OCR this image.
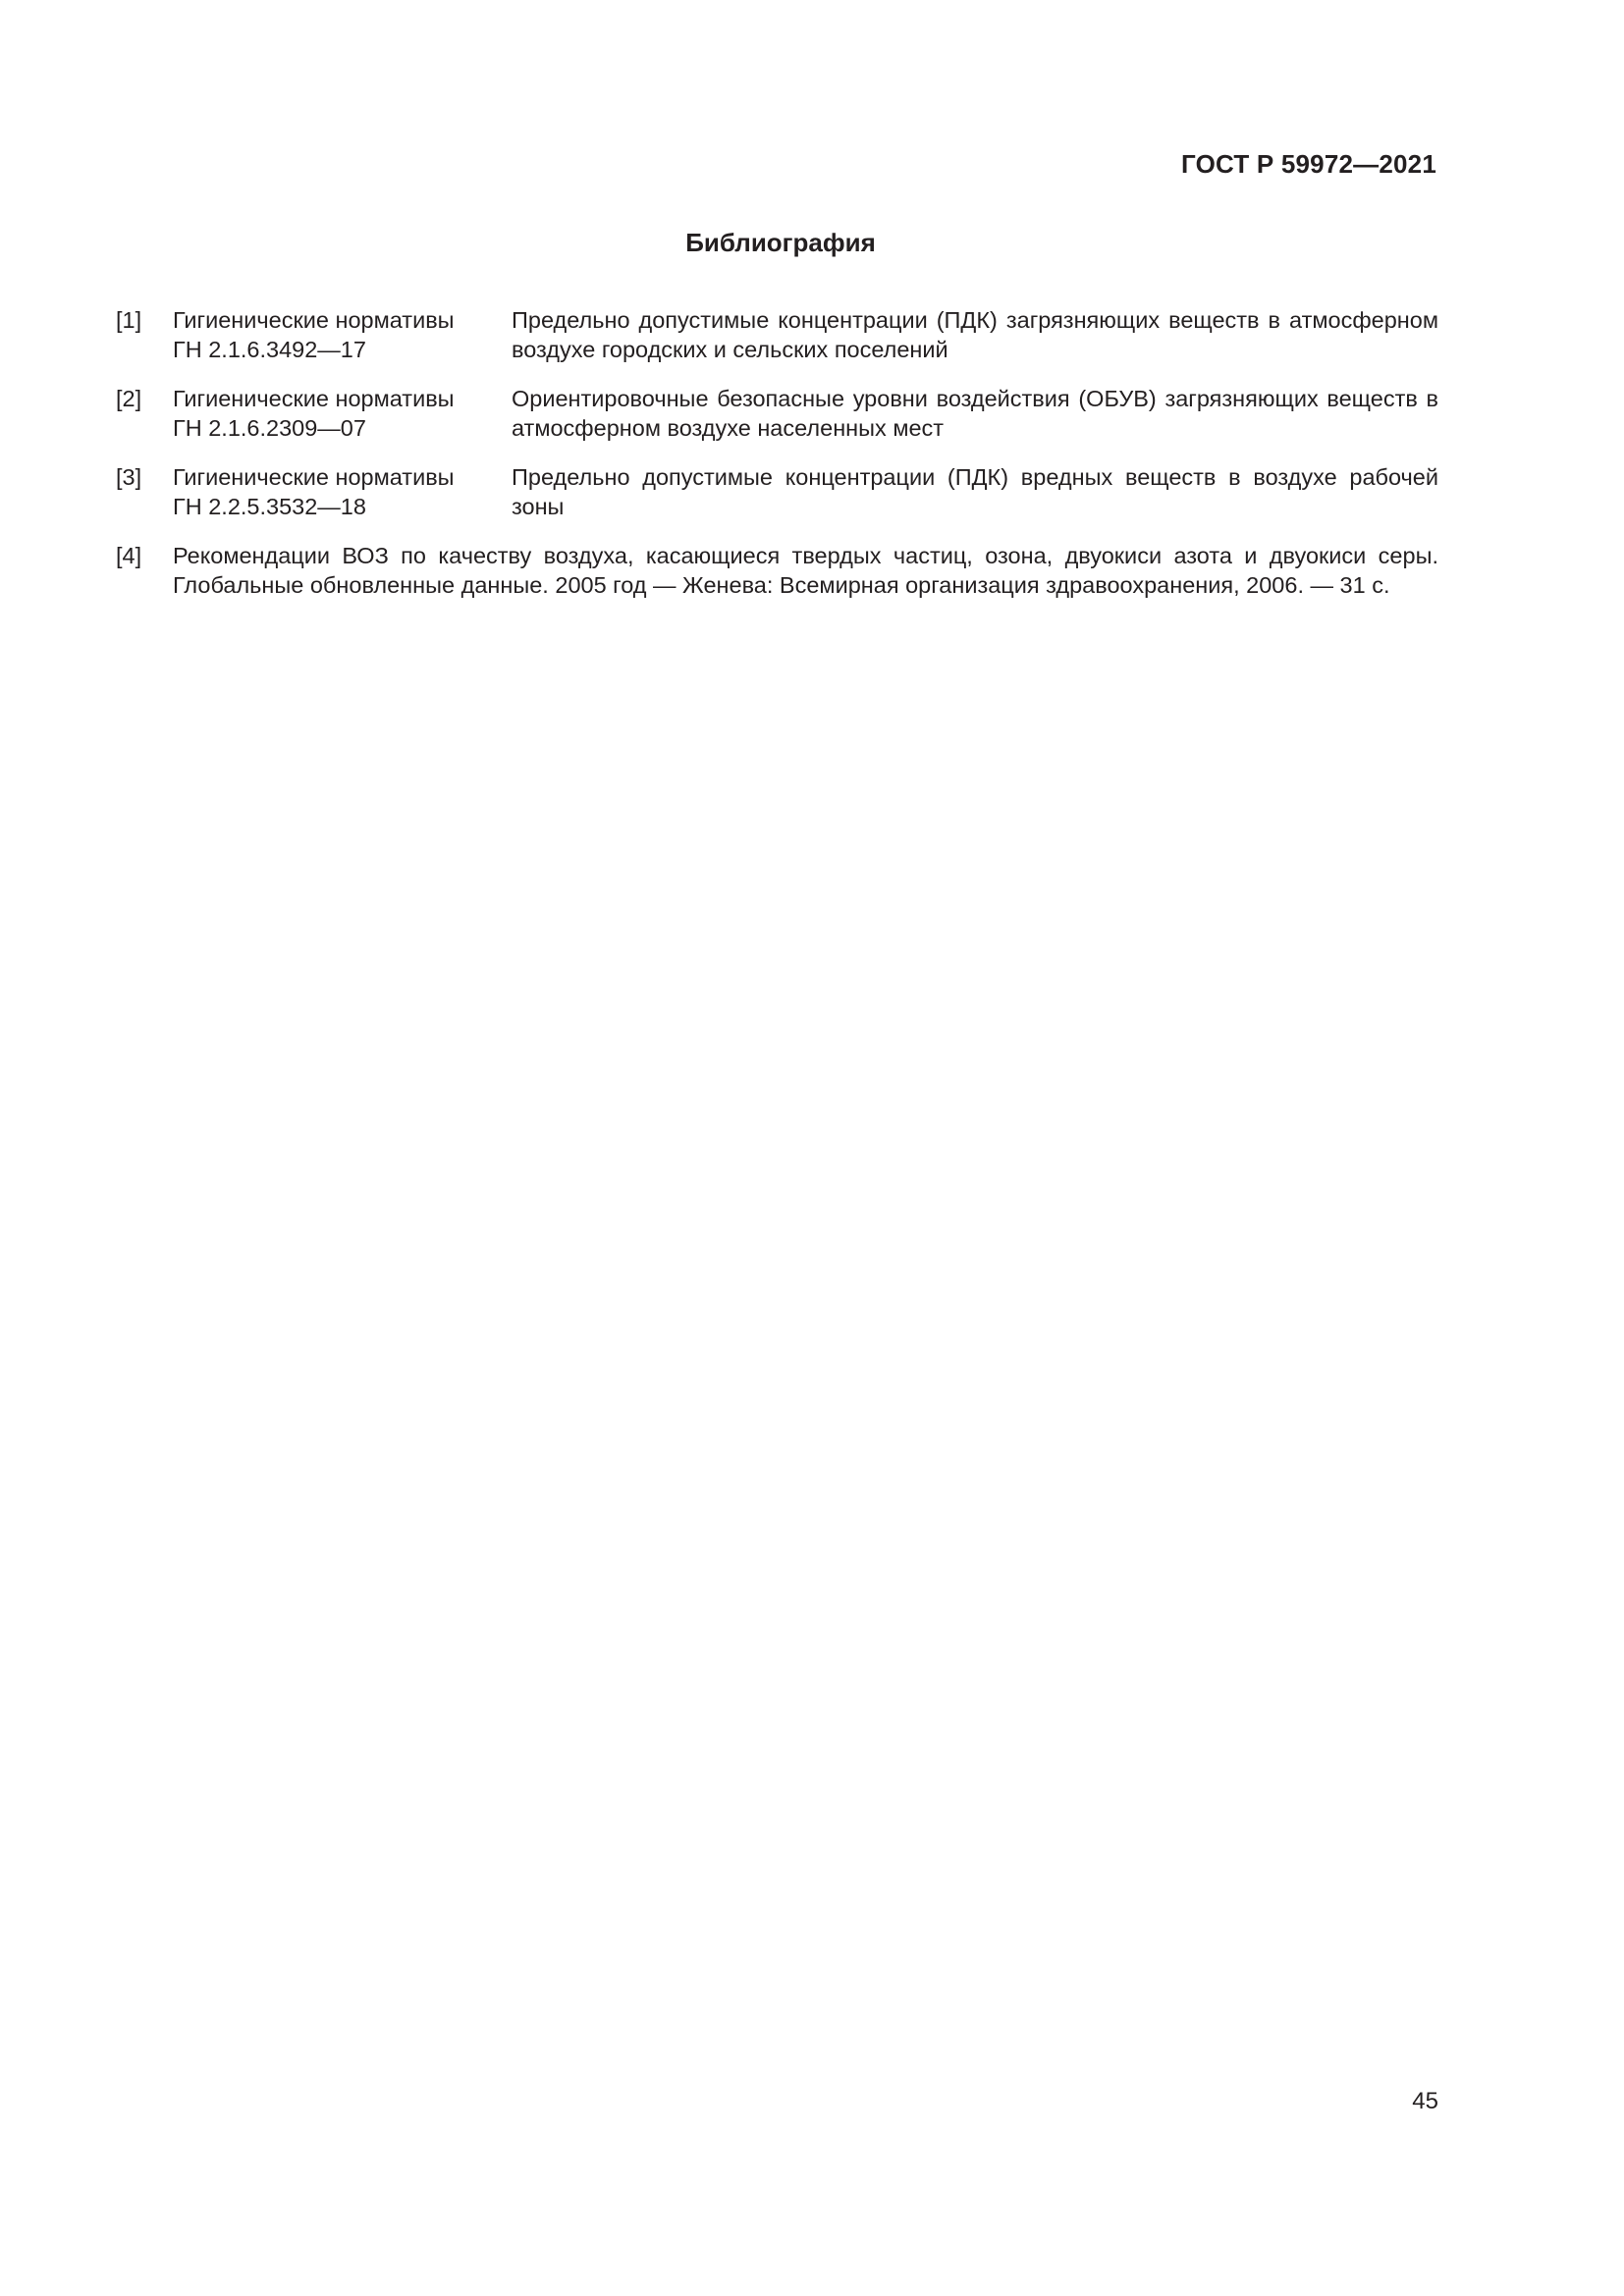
ГОСТ Р 59972—2021
Библиография
[1] Гигиенические нормативы
ГН 2.1.6.3492—17
Предельно допустимые концентрации (ПДК) загрязняющих веществ в атмосферном воздухе городских и сельских поселений
[2] Гигиенические нормативы
ГН 2.1.6.2309—07
Ориентировочные безопасные уровни воздействия (ОБУВ) загрязняющих веществ в атмосферном воздухе населенных мест
[3] Гигиенические нормативы
ГН 2.2.5.3532—18
Предельно допустимые концентрации (ПДК) вредных веществ в воздухе рабочей зоны
[4] Рекомендации ВОЗ по качеству воздуха, касающиеся твердых частиц, озона, двуокиси азота и двуокиси серы. Глобальные обновленные данные. 2005 год — Женева: Всемирная организация здравоохранения, 2006. — 31 с.
45
